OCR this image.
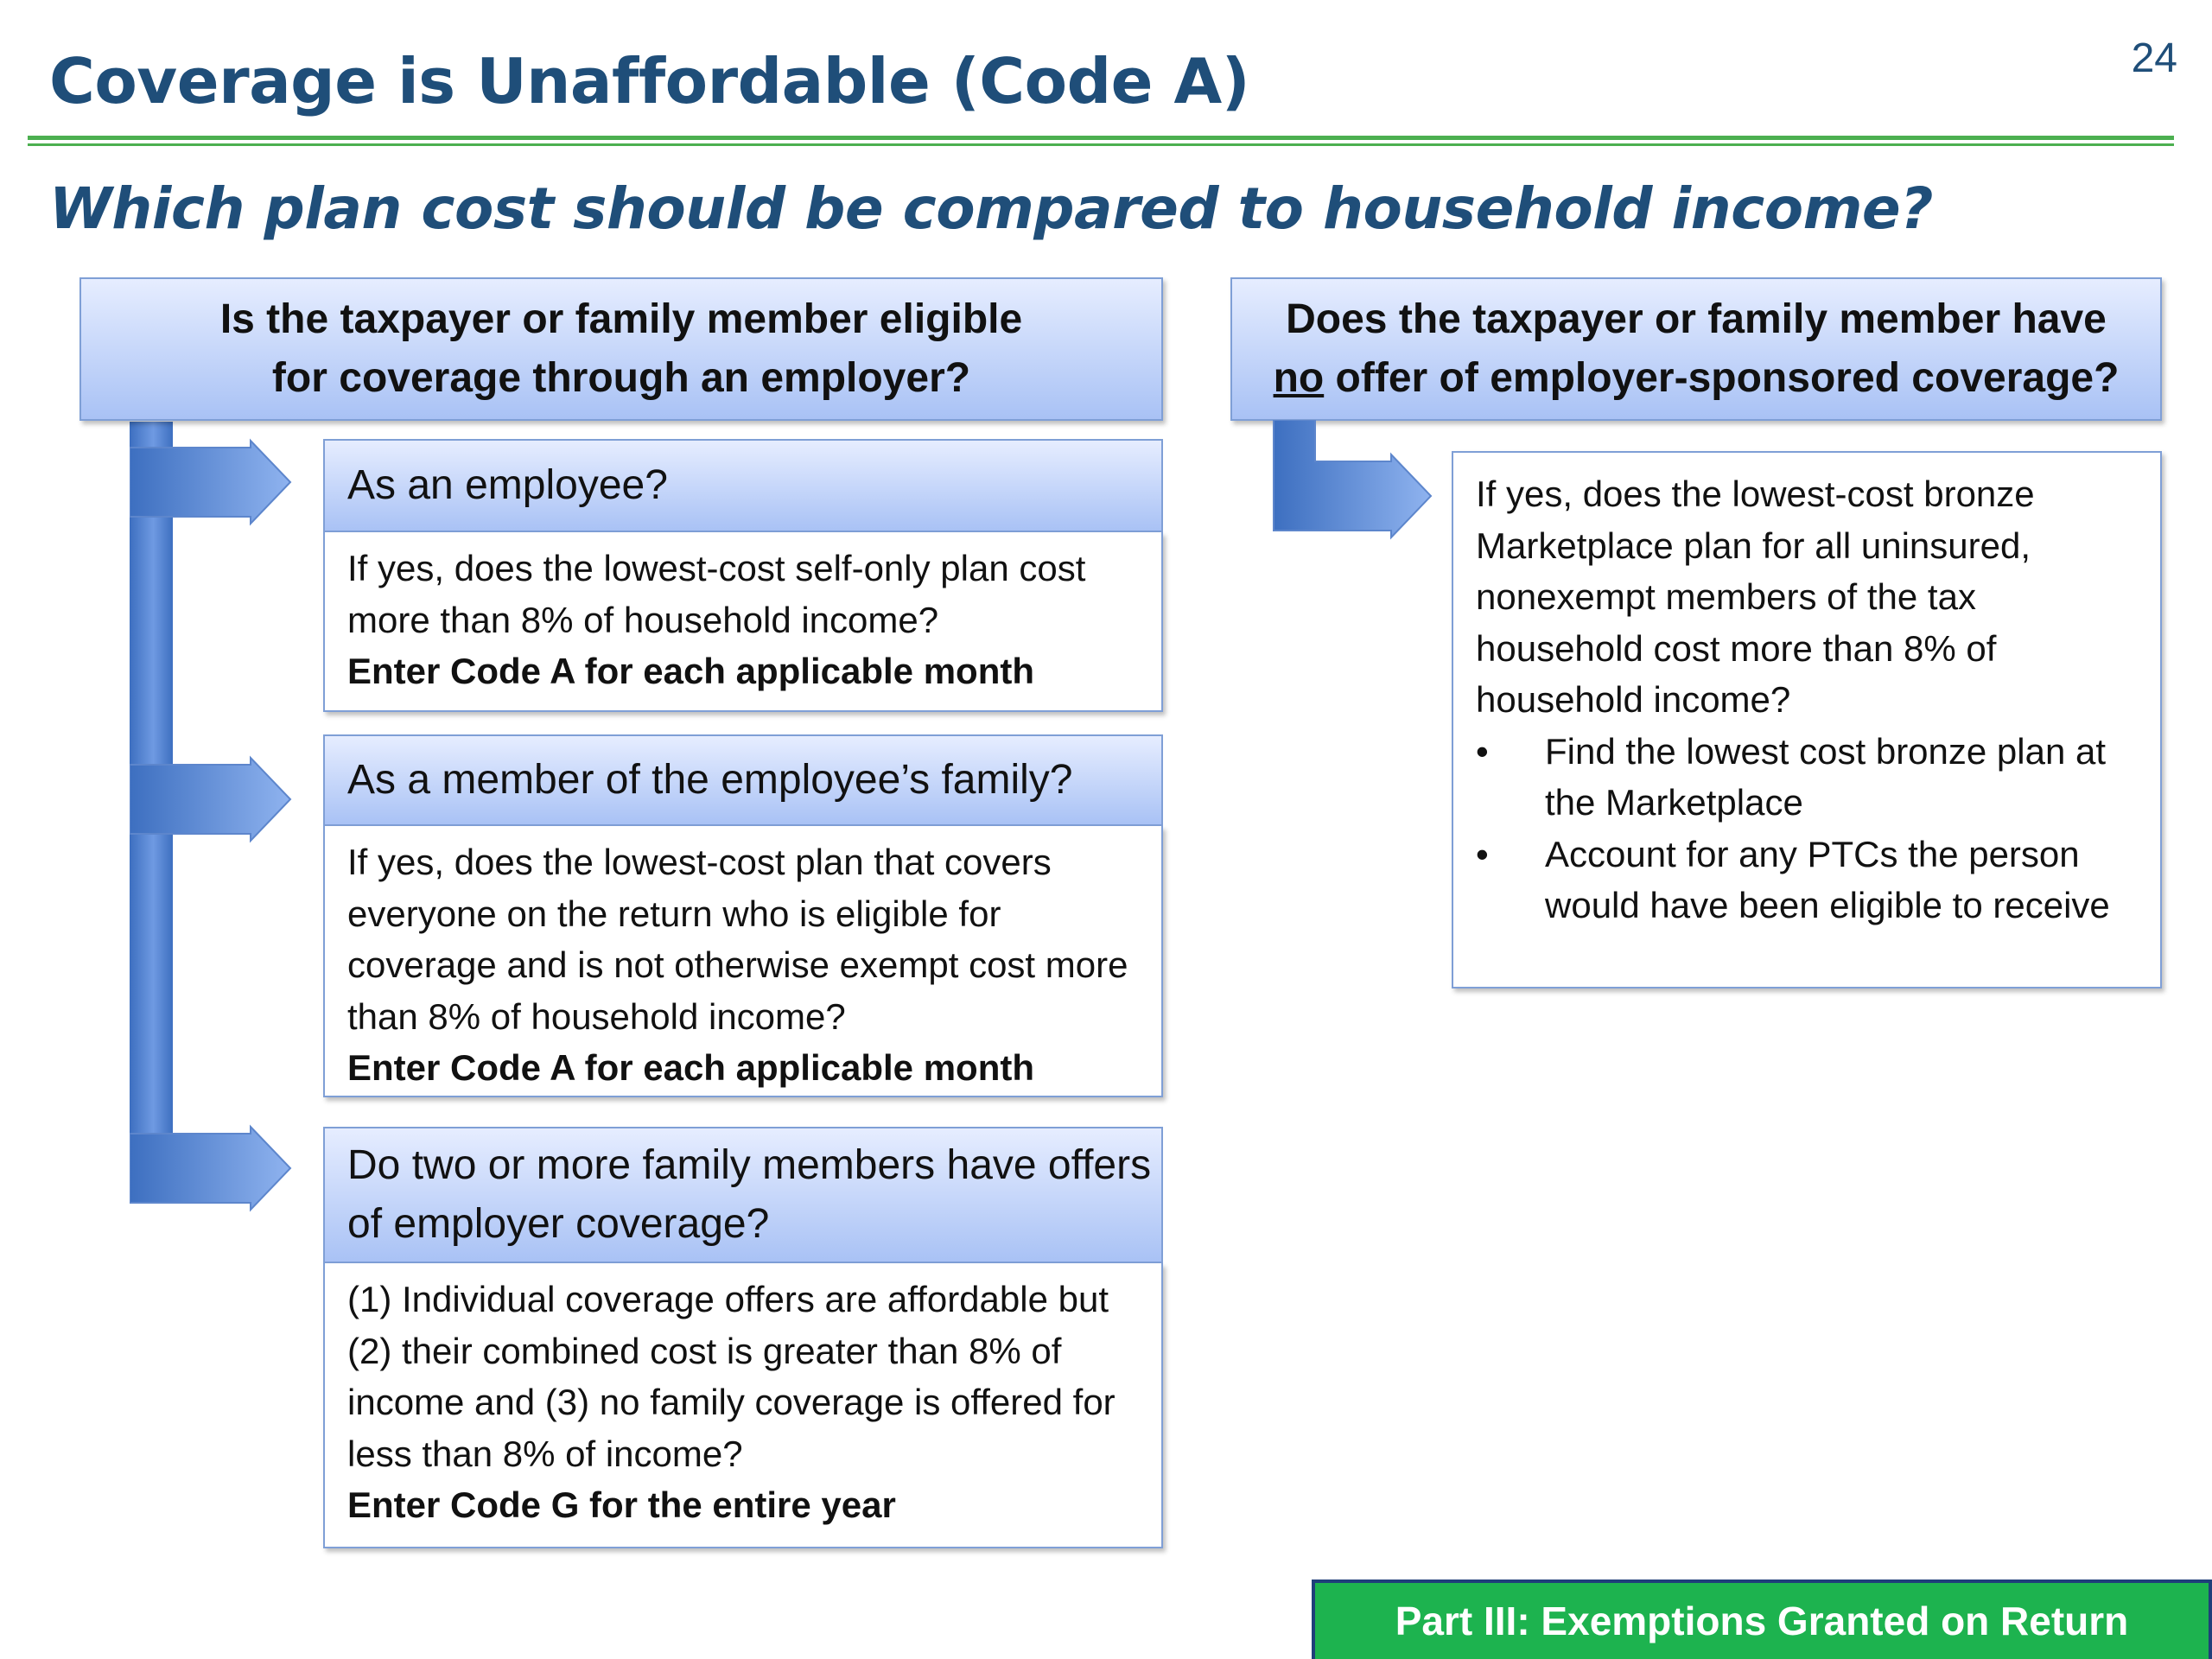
Coverage is Unaffordable (Code A)	24
Which plan cost should be compared to household income?
Is the taxpayer or family member eligible for coverage through an employer?
As an employee?
If yes, does the lowest-cost self-only plan cost more than 8% of household income?
Enter Code A for each applicable month
As a member of the employee’s family?
If yes, does the lowest-cost plan that covers everyone on the return who is eligible for coverage and is not otherwise exempt cost more than 8% of household income?
Enter Code A for each applicable month
Do two or more family members have offers of employer coverage?
(1) Individual coverage offers are affordable but (2) their combined cost is greater than 8% of income and (3) no family coverage is offered for less than 8% of income?
Enter Code G for the entire year
Does the taxpayer or family member have
no offer of employer-sponsored coverage?
If yes, does the lowest-cost bronze Marketplace plan for all uninsured, nonexempt members of the tax household cost more than 8% of household income?
•	Find the lowest cost bronze plan at the Marketplace
•	Account for any PTCs the person would have been eligible to receive
Part III: Exemptions Granted on Return
